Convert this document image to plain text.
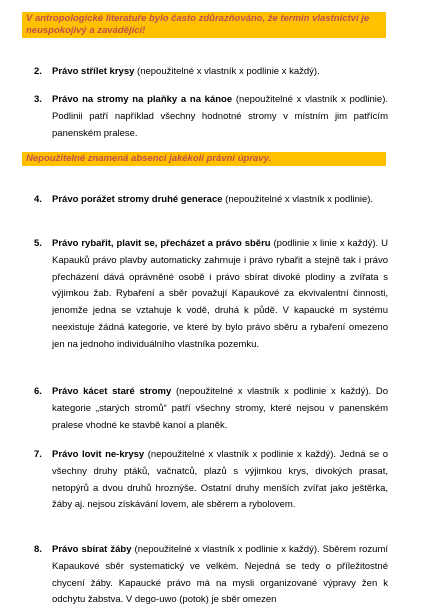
V antropologické literatuře bylo často zdůrazňováno, že termín vlastnictví je neuspokojivý a zavádějící!
2. Právo střílet krysy (nepoužitelné x vlastník x podlinie x každý).
3. Právo na stromy na plaňky a na kánoe (nepoužitelné x vlastník x podlinie). Podlinii patří například všechny hodnotné stromy v místním jim patřícím panenském pralese.
Nepoužitelné znamená absenci jakékoli právní úpravy.
4. Právo porážet stromy druhé generace (nepoužitelné x vlastník x podlinie).
5. Právo rybařit, plavit se, přecházet a právo sběru (podlinie x linie x každý). U Kapauků právo plavby automaticky zahrnuje i právo rybařit a stejně tak i právo přecházení dává oprávněné osobě i právo sbírat divoké plodiny a zvířata s výjimkou žab. Rybaření a sběr považují Kapaukové za ekvivalentní činnosti, jenomže jedna se vztahuje k vodě, druhá k půdě. V kapaucké m systému neexistuje žádná kategorie, ve které by bylo právo sběru a rybaření omezeno jen na jednoho individuálního vlastníka pozemku.
6. Právo kácet staré stromy (nepoužitelné x vlastník x podlinie x každý). Do kategorie „starých stromů“ patří všechny stromy, které nejsou v panenském pralese vhodné ke stavbě kanoí a planěk.
7. Právo lovit ne-krysy (nepoužitelné x vlastník x podlinie x každý). Jedná se o všechny druhy ptáků, vačnatců, plazů s výjimkou krys, divokých prasat, netopýrů a dvou druhů hroznýše. Ostatní druhy menších zvířat jako ještěrka, žáby aj. nejsou získávání lovem, ale sběrem a rybolovem.
8. Právo sbírat žáby (nepoužitelné x vlastník x podlinie x každý). Sběrem rozumí Kapaukové sběr systematický ve velkém. Nejedná se tedy o příležitostné chycení žáby. Kapaucké právo má na mysli organizované výpravy žen k odchytu žabstva. V dego-uwo (potok) je sběr omezen
